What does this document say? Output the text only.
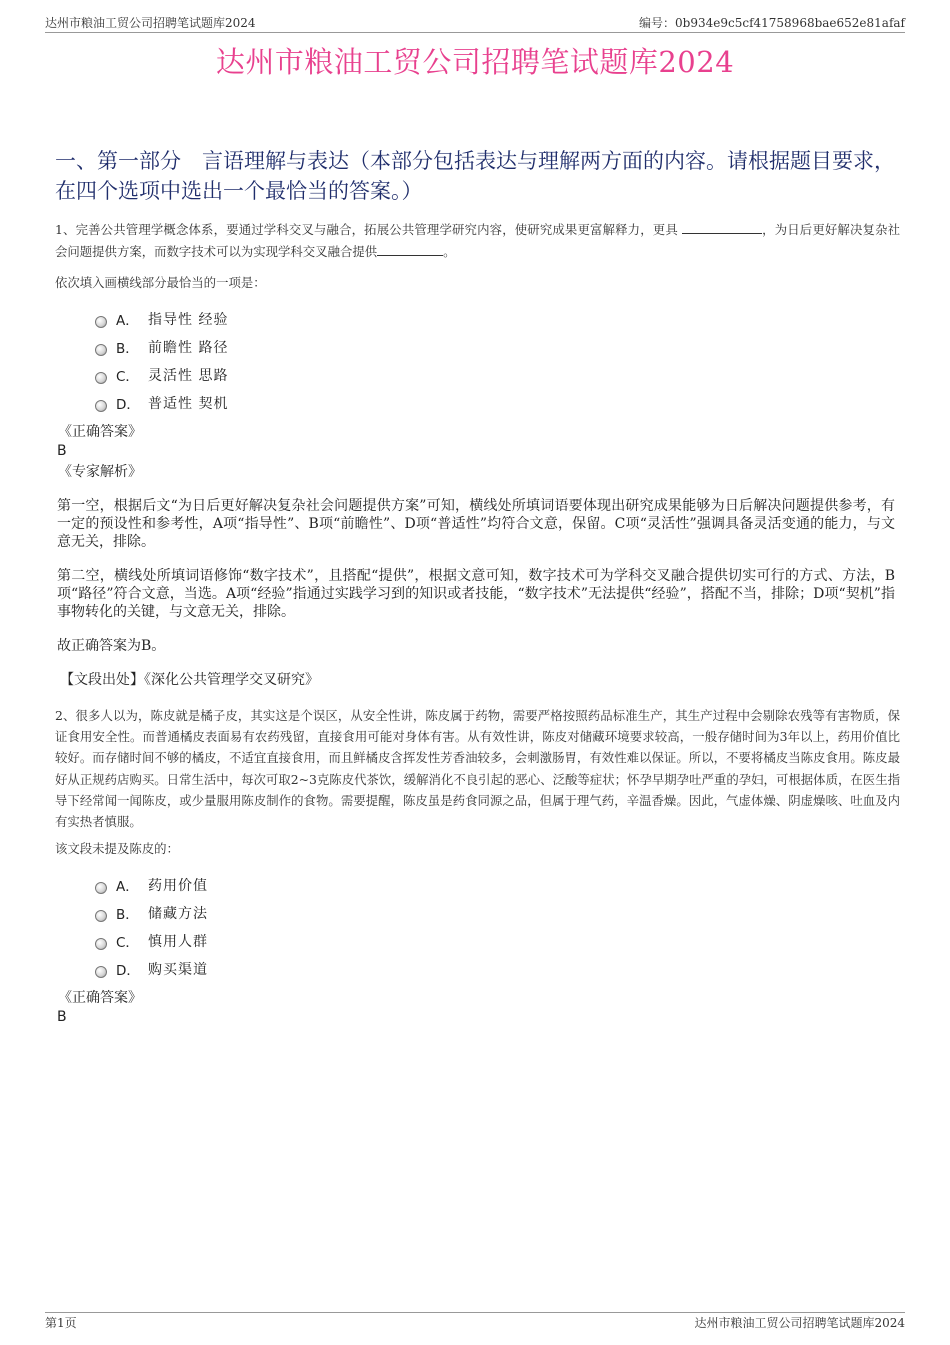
达州市粮油工贸公司招聘笔试题库2024	编号：0b934e9c5cf41758968bae652e81afaf
达州市粮油工贸公司招聘笔试题库2024
一、第一部分　言语理解与表达（本部分包括表达与理解两方面的内容。请根据题目要求，在四个选项中选出一个最恰当的答案。）
1、完善公共管理学概念体系，要通过学科交叉与融合，拓展公共管理学研究内容，使研究成果更富解释力，更具	，为日后更好解决复杂社会问题提供方案，而数字技术可以为实现学科交叉融合提供	。
依次填入画横线部分最恰当的一项是：
A． 指导性 经验
B． 前瞻性 路径
C． 灵活性 思路
D． 普适性 契机
《正确答案》
B
《专家解析》
第一空，根据后文“为日后更好解决复杂社会问题提供方案”可知，横线处所填词语要体现出研究成果能够为日后解决问题提供参考，有一定的预设性和参考性，A项“指导性”、B项“前瞻性”、D项“普适性”均符合文意，保留。C项“灵活性”强调具备灵活变通的能力，与文意无关，排除。
第二空，横线处所填词语修饰“数字技术”，且搭配“提供”，根据文意可知，数字技术可为学科交叉融合提供切实可行的方式、方法，B项“路径”符合文意，当选。A项“经验”指通过实践学习到的知识或者技能，“数字技术”无法提供“经验”，搭配不当，排除；D项“契机”指事物转化的关键，与文意无关，排除。
故正确答案为B。
【文段出处】《深化公共管理学交叉研究》
2、很多人以为，陈皮就是橘子皮，其实这是个误区，从安全性讲，陈皮属于药物，需要严格按照药品标准生产，其生产过程中会剔除农残等有害物质，保证食用安全性。而普通橘皮表面易有农药残留，直接食用可能对身体有害。从有效性讲，陈皮对储藏环境要求较高，一般存储时间为3年以上，药用价值比较好。而存储时间不够的橘皮，不适宜直接食用，而且鲜橘皮含挥发性芳香油较多，会刺激肠胃，有效性难以保证。所以，不要将橘皮当陈皮食用。陈皮最好从正规药店购买。日常生活中，每次可取2~3克陈皮代茶饮，缓解消化不良引起的恶心、泛酸等症状；怀孕早期孕吐严重的孕妇，可根据体质，在医生指导下经常闻一闻陈皮，或少量服用陈皮制作的食物。需要提醒，陈皮虽是药食同源之品，但属于理气药，辛温香燥。因此，气虚体燥、阴虚燥咳、吐血及内有实热者慎服。
该文段未提及陈皮的：
A． 药用价值
B． 储藏方法
C． 慎用人群
D． 购买渠道
《正确答案》
B
第1页	达州市粮油工贸公司招聘笔试题库2024
